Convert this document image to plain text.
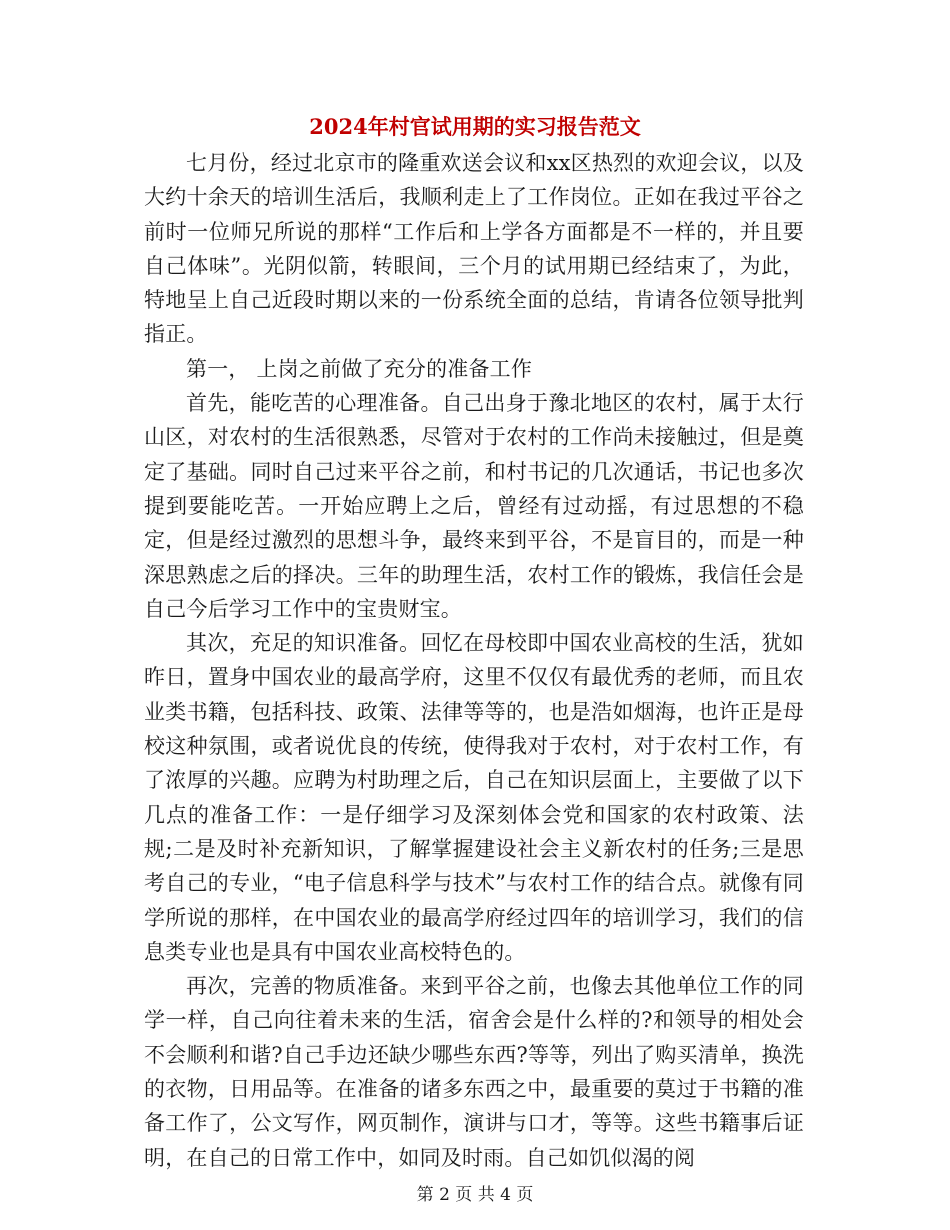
2024年村官试用期的实习报告范文

七月份，经过北京市的隆重欢送会议和xx区热烈的欢迎会议，以及大约十余天的培训生活后，我顺利走上了工作岗位。正如在我过平谷之前时一位师兄所说的那样“工作后和上学各方面都是不一样的，并且要自己体味”。光阴似箭，转眼间，三个月的试用期已经结束了，为此，特地呈上自己近段时期以来的一份系统全面的总结，肯请各位领导批判指正。

第一， 上岗之前做了充分的准备工作

首先，能吃苦的心理准备。自己出身于豫北地区的农村，属于太行山区，对农村的生活很熟悉，尽管对于农村的工作尚未接触过，但是奠定了基础。同时自己过来平谷之前，和村书记的几次通话，书记也多次提到要能吃苦。一开始应聘上之后，曾经有过动摇，有过思想的不稳定，但是经过激烈的思想斗争，最终来到平谷，不是盲目的，而是一种深思熟虑之后的择决。三年的助理生活，农村工作的锻炼，我信任会是自己今后学习工作中的宝贵财宝。

其次，充足的知识准备。回忆在母校即中国农业高校的生活，犹如昨日，置身中国农业的最高学府，这里不仅仅有最优秀的老师，而且农业类书籍，包括科技、政策、法律等等的，也是浩如烟海，也许正是母校这种氛围，或者说优良的传统，使得我对于农村，对于农村工作，有了浓厚的兴趣。应聘为村助理之后，自己在知识层面上，主要做了以下几点的准备工作：一是仔细学习及深刻体会党和国家的农村政策、法规;二是及时补充新知识，了解掌握建设社会主义新农村的任务;三是思考自己的专业，“电子信息科学与技术”与农村工作的结合点。就像有同学所说的那样，在中国农业的最高学府经过四年的培训学习，我们的信息类专业也是具有中国农业高校特色的。

再次，完善的物质准备。来到平谷之前，也像去其他单位工作的同学一样，自己向往着未来的生活，宿舍会是什么样的?和领导的相处会不会顺利和谐?自己手边还缺少哪些东西?等等，列出了购买清单，换洗的衣物，日用品等。在准备的诸多东西之中，最重要的莫过于书籍的准备工作了，公文写作，网页制作，演讲与口才，等等。这些书籍事后证明，在自己的日常工作中，如同及时雨。自己如饥似渴的阅

第 2 页 共 4 页
